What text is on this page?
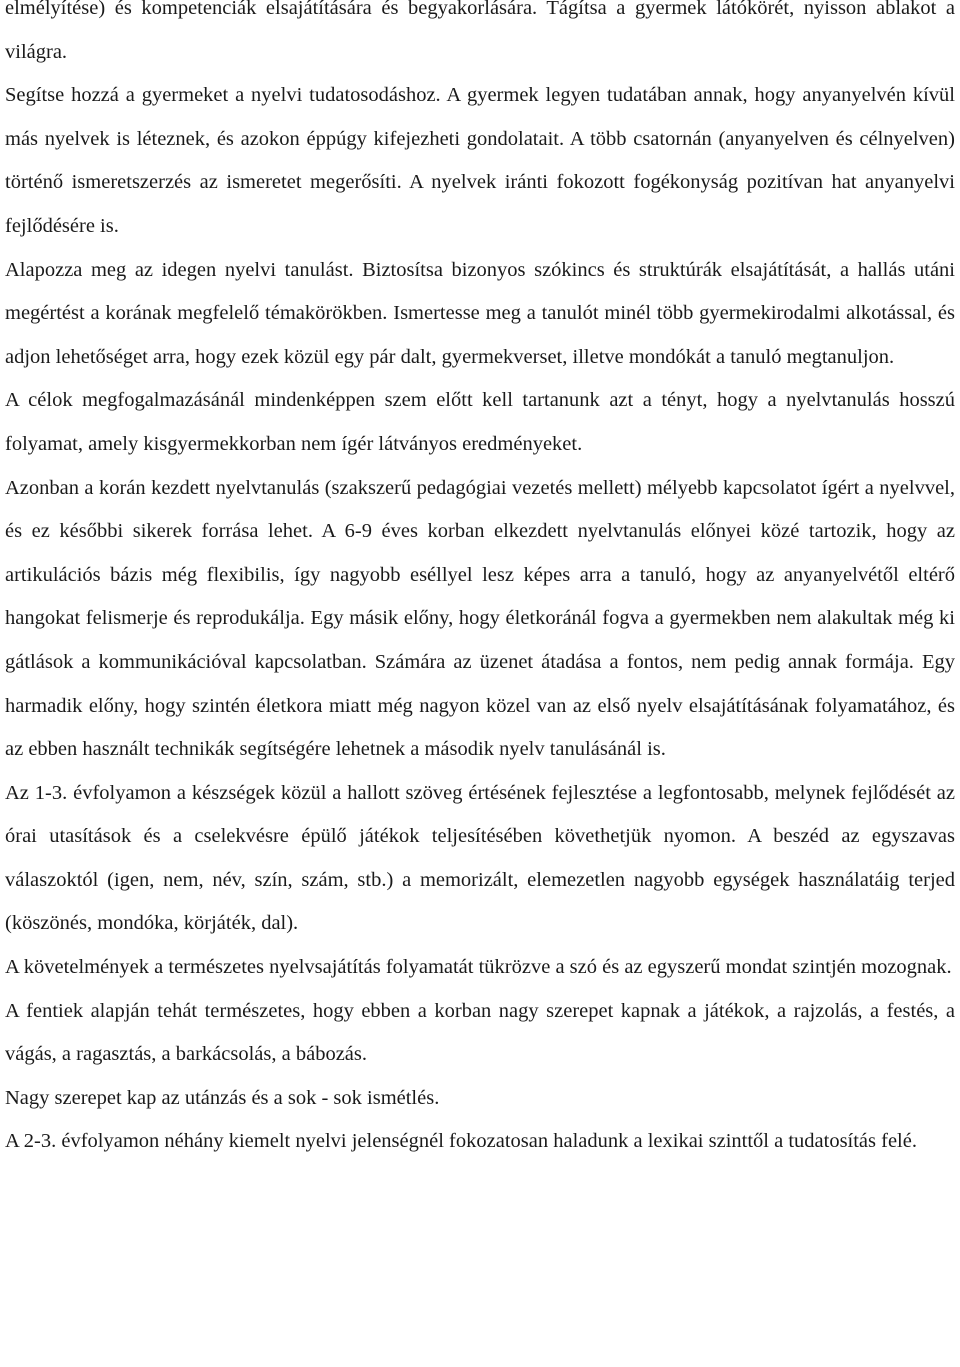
elmélyítése) és kompetenciák elsajátítására és begyakorlására. Tágítsa a gyermek látókörét, nyisson ablakot a világra.

Segítse hozzá a gyermeket a nyelvi tudatosodáshoz. A gyermek legyen tudatában annak, hogy anyanyelvén kívül más nyelvek is léteznek, és azokon éppúgy kifejezheti gondolatait. A több csatornán (anyanyelven és célnyelven) történő ismeretszerzés az ismeretet megerősíti. A nyelvek iránti fokozott fogékonyság pozitívan hat anyanyelvi fejlődésére is.

Alapozza meg az idegen nyelvi tanulást. Biztosítsa bizonyos szókincs és struktúrák elsajátítását, a hallás utáni megértést a korának megfelelő témakörökben. Ismertesse meg a tanulót minél több gyermekirodalmi alkotással, és adjon lehetőséget arra, hogy ezek közül egy pár dalt, gyermekverset, illetve mondókát a tanuló megtanuljon.

A célok megfogalmazásánál mindenképpen szem előtt kell tartanunk azt a tényt, hogy a nyelvtanulás hosszú folyamat, amely kisgyermekkorban nem ígér látványos eredményeket.

Azonban a korán kezdett nyelvtanulás (szakszerű pedagógiai vezetés mellett) mélyebb kapcsolatot ígért a nyelvvel, és ez későbbi sikerek forrása lehet. A 6-9 éves korban elkezdett nyelvtanulás előnyei közé tartozik, hogy az artikulációs bázis még flexibilis, így nagyobb eséllyel lesz képes arra a tanuló, hogy az anyanyelvétől eltérő hangokat felismerje és reprodukálja. Egy másik előny, hogy életkoránál fogva a gyermekben nem alakultak még ki gátlások a kommunikációval kapcsolatban. Számára az üzenet átadása a fontos, nem pedig annak formája. Egy harmadik előny, hogy szintén életkora miatt még nagyon közel van az első nyelv elsajátításának folyamatához, és az ebben használt technikák segítségére lehetnek a második nyelv tanulásánál is.

Az 1-3. évfolyamon a készségek közül a hallott szöveg értésének fejlesztése a legfontosabb, melynek fejlődését az órai utasítások és a cselekvésre épülő játékok teljesítésében követhetjük nyomon. A beszéd az egyszavas válaszoktól (igen, nem, név, szín, szám, stb.) a memorizált, elemezetlen nagyobb egységek használatáig terjed (köszönés, mondóka, körjáték, dal).

A követelmények a természetes nyelvsajátítás folyamatát tükrözve a szó és az egyszerű mondat szintjén mozognak.

A fentiek alapján tehát természetes, hogy ebben a korban nagy szerepet kapnak a játékok, a rajzolás, a festés, a vágás, a ragasztás, a barkácsolás, a bábozás.

Nagy szerepet kap az utánzás és a sok - sok ismétlés.

A 2-3. évfolyamon néhány kiemelt nyelvi jelenségnél fokozatosan haladunk a lexikai szinttől a tudatosítás felé.
